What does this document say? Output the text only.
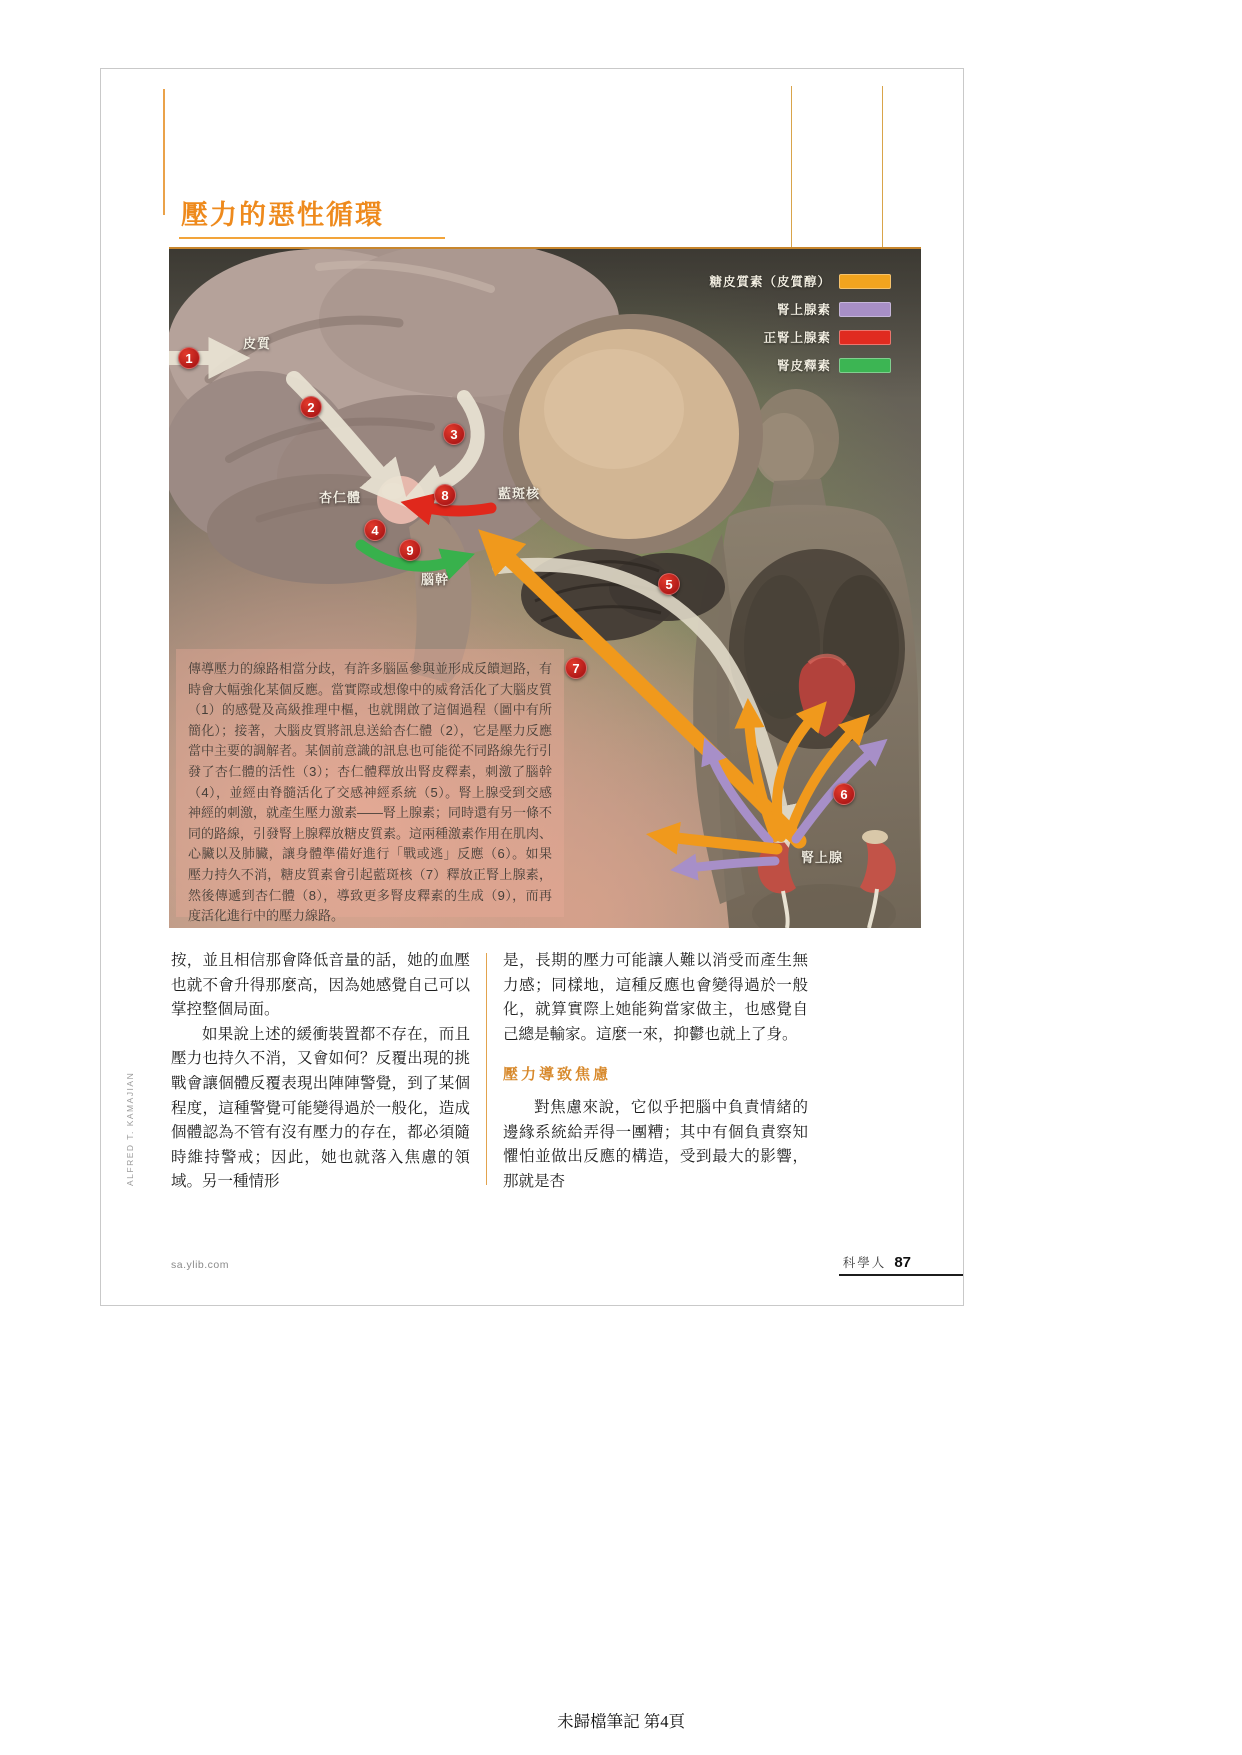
壓力的惡性循環
糖皮質素（皮質醇）
腎上腺素
正腎上腺素
腎皮釋素
皮質
杏仁體	藍斑核
腦幹
腎上腺
1
2
3
8
4
9
5
7
6
傳導壓力的線路相當分歧，有許多腦區參與並形成反饋迴路，有時會大幅強化某個反應。當實際或想像中的威脅活化了大腦皮質（1）的感覺及高級推理中樞，也就開啟了這個過程（圖中有所簡化）；接著，大腦皮質將訊息送給杏仁體（2），它是壓力反應當中主要的調解者。某個前意識的訊息也可能從不同路線先行引發了杏仁體的活性（3）；杏仁體釋放出腎皮釋素，刺激了腦幹（4），並經由脊髓活化了交感神經系統（5）。腎上腺受到交感神經的刺激，就產生壓力激素——腎上腺素；同時還有另一條不同的路線，引發腎上腺釋放糖皮質素。這兩種激素作用在肌肉、心臟以及肺臟，讓身體準備好進行「戰或逃」反應（6）。如果壓力持久不消，糖皮質素會引起藍斑核（7）釋放正腎上腺素，然後傳遞到杏仁體（8），導致更多腎皮釋素的生成（9），而再度活化進行中的壓力線路。
ALFRED T. KAMAJIAN

按，並且相信那會降低音量的話，她的血壓也就不會升得那麼高，因為她感覺自己可以掌控整個局面。

如果說上述的緩衝裝置都不存在，而且壓力也持久不消，又會如何？反覆出現的挑戰會讓個體反覆表現出陣陣警覺，到了某個程度，這種警覺可能變得過於一般化，造成個體認為不管有沒有壓力的存在，都必須隨時維持警戒；因此，她也就落入焦慮的領域。另一種情形

是，長期的壓力可能讓人難以消受而產生無力感；同樣地，這種反應也會變得過於一般化，就算實際上她能夠當家做主，也感覺自己總是輸家。這麼一來，抑鬱也就上了身。

壓力導致焦慮

對焦慮來說，它似乎把腦中負責情緒的邊緣系統給弄得一團糟；其中有個負責察知懼怕並做出反應的構造，受到最大的影響，那就是杏

sa.ylib.com	科學人 87
未歸檔筆記 第4頁
